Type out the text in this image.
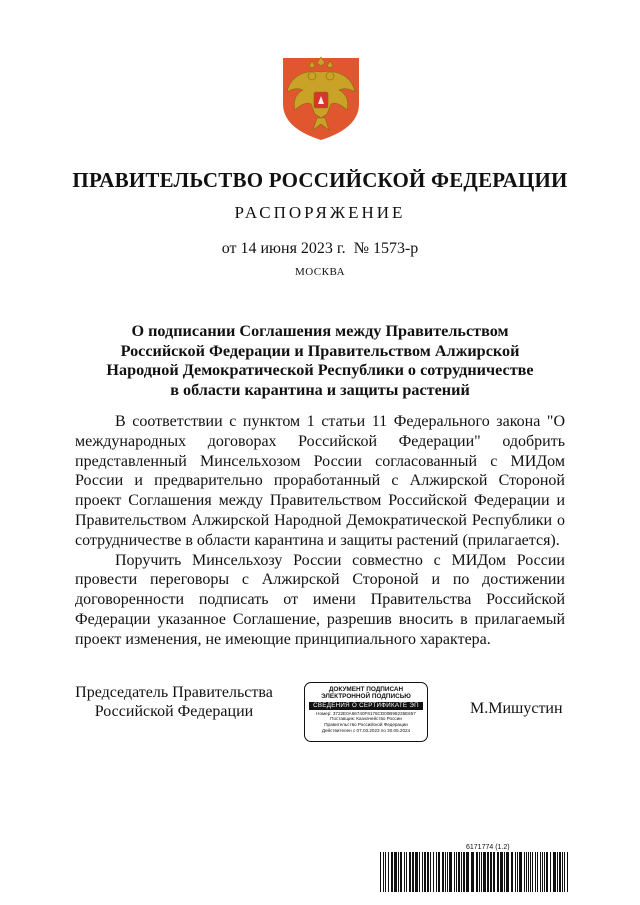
ПРАВИТЕЛЬСТВО РОССИЙСКОЙ ФЕДЕРАЦИИ
РАСПОРЯЖЕНИЕ
от 14 июня 2023 г. № 1573-р
МОСКВА
О подписании Соглашения между Правительством
Российской Федерации и Правительством Алжирской
Народной Демократической Республики о сотрудничестве
в области карантина и защиты растений

В соответствии с пунктом 1 статьи 11 Федерального закона "О международных договорах Российской Федерации" одобрить представленный Минсельхозом России согласованный с МИДом России и предварительно проработанный с Алжирской Стороной проект Соглашения между Правительством Российской Федерации и Правительством Алжирской Народной Демократической Республики о сотрудничестве в области карантина и защиты растений (прилагается).

Поручить Минсельхозу России совместно с МИДом России провести переговоры с Алжирской Стороной и по достижении договоренности подписать от имени Правительства Российской Федерации указанное Соглашение, разрешив вносить в прилагаемый проект изменения, не имеющие принципиального характера.

Председатель Правительства
Российской Федерации
ДОКУМЕНТ ПОДПИСАН
ЭЛЕКТРОННОЙ ПОДПИСЬЮ
СВЕДЕНИЯ О СЕРТИФИКАТЕ ЭП
Номер: 3722E0A66740F8176CD00B98235E657
Поставщик: Казначейство России
Правительство Российской Федерации
Действителен с 07.03.2023 по 30.05.2024
М.Мишустин
6171774 (1.2)
